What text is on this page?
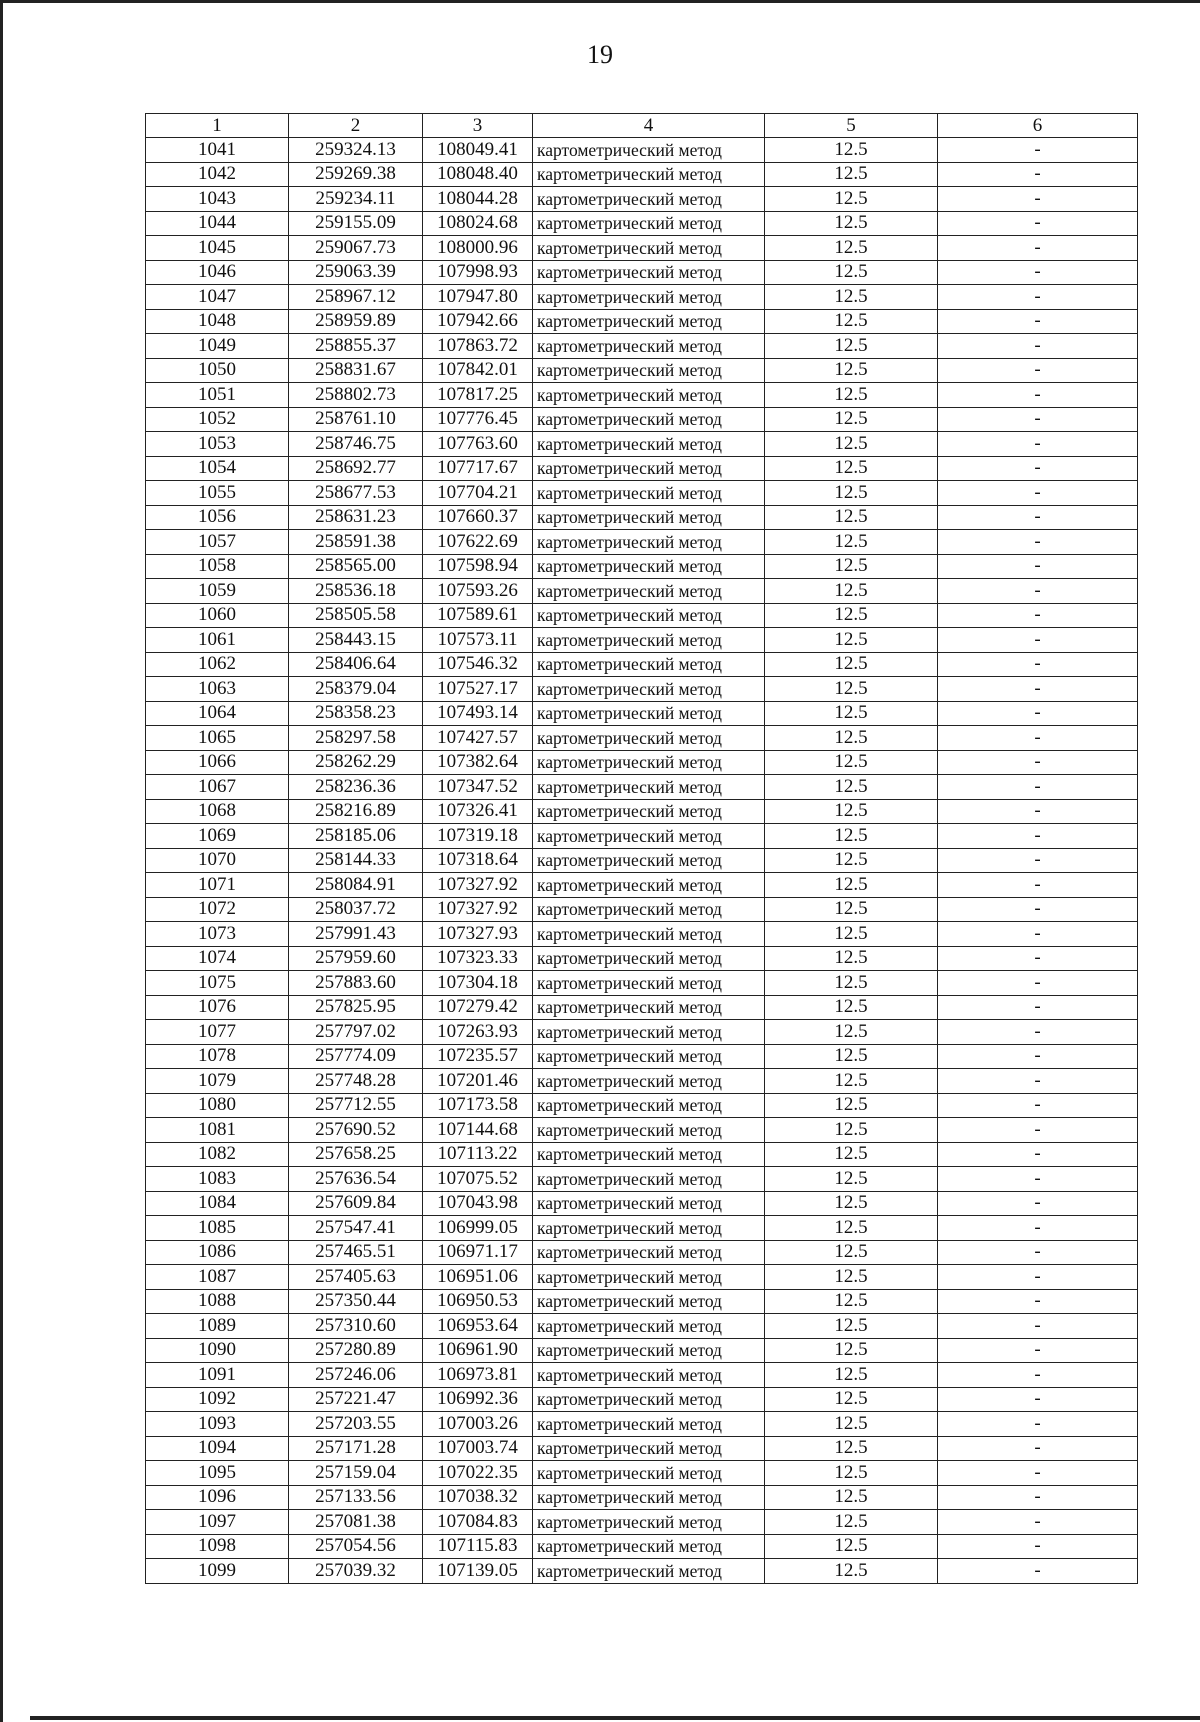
19
1	2	3	4	5	6
1041	259324.13	108049.41	картометрический метод	12.5	-
1042	259269.38	108048.40	картометрический метод	12.5	-
1043	259234.11	108044.28	картометрический метод	12.5	-
1044	259155.09	108024.68	картометрический метод	12.5	-
1045	259067.73	108000.96	картометрический метод	12.5	-
1046	259063.39	107998.93	картометрический метод	12.5	-
1047	258967.12	107947.80	картометрический метод	12.5	-
1048	258959.89	107942.66	картометрический метод	12.5	-
1049	258855.37	107863.72	картометрический метод	12.5	-
1050	258831.67	107842.01	картометрический метод	12.5	-
1051	258802.73	107817.25	картометрический метод	12.5	-
1052	258761.10	107776.45	картометрический метод	12.5	-
1053	258746.75	107763.60	картометрический метод	12.5	-
1054	258692.77	107717.67	картометрический метод	12.5	-
1055	258677.53	107704.21	картометрический метод	12.5	-
1056	258631.23	107660.37	картометрический метод	12.5	-
1057	258591.38	107622.69	картометрический метод	12.5	-
1058	258565.00	107598.94	картометрический метод	12.5	-
1059	258536.18	107593.26	картометрический метод	12.5	-
1060	258505.58	107589.61	картометрический метод	12.5	-
1061	258443.15	107573.11	картометрический метод	12.5	-
1062	258406.64	107546.32	картометрический метод	12.5	-
1063	258379.04	107527.17	картометрический метод	12.5	-
1064	258358.23	107493.14	картометрический метод	12.5	-
1065	258297.58	107427.57	картометрический метод	12.5	-
1066	258262.29	107382.64	картометрический метод	12.5	-
1067	258236.36	107347.52	картометрический метод	12.5	-
1068	258216.89	107326.41	картометрический метод	12.5	-
1069	258185.06	107319.18	картометрический метод	12.5	-
1070	258144.33	107318.64	картометрический метод	12.5	-
1071	258084.91	107327.92	картометрический метод	12.5	-
1072	258037.72	107327.92	картометрический метод	12.5	-
1073	257991.43	107327.93	картометрический метод	12.5	-
1074	257959.60	107323.33	картометрический метод	12.5	-
1075	257883.60	107304.18	картометрический метод	12.5	-
1076	257825.95	107279.42	картометрический метод	12.5	-
1077	257797.02	107263.93	картометрический метод	12.5	-
1078	257774.09	107235.57	картометрический метод	12.5	-
1079	257748.28	107201.46	картометрический метод	12.5	-
1080	257712.55	107173.58	картометрический метод	12.5	-
1081	257690.52	107144.68	картометрический метод	12.5	-
1082	257658.25	107113.22	картометрический метод	12.5	-
1083	257636.54	107075.52	картометрический метод	12.5	-
1084	257609.84	107043.98	картометрический метод	12.5	-
1085	257547.41	106999.05	картометрический метод	12.5	-
1086	257465.51	106971.17	картометрический метод	12.5	-
1087	257405.63	106951.06	картометрический метод	12.5	-
1088	257350.44	106950.53	картометрический метод	12.5	-
1089	257310.60	106953.64	картометрический метод	12.5	-
1090	257280.89	106961.90	картометрический метод	12.5	-
1091	257246.06	106973.81	картометрический метод	12.5	-
1092	257221.47	106992.36	картометрический метод	12.5	-
1093	257203.55	107003.26	картометрический метод	12.5	-
1094	257171.28	107003.74	картометрический метод	12.5	-
1095	257159.04	107022.35	картометрический метод	12.5	-
1096	257133.56	107038.32	картометрический метод	12.5	-
1097	257081.38	107084.83	картометрический метод	12.5	-
1098	257054.56	107115.83	картометрический метод	12.5	-
1099	257039.32	107139.05	картометрический метод	12.5	-
